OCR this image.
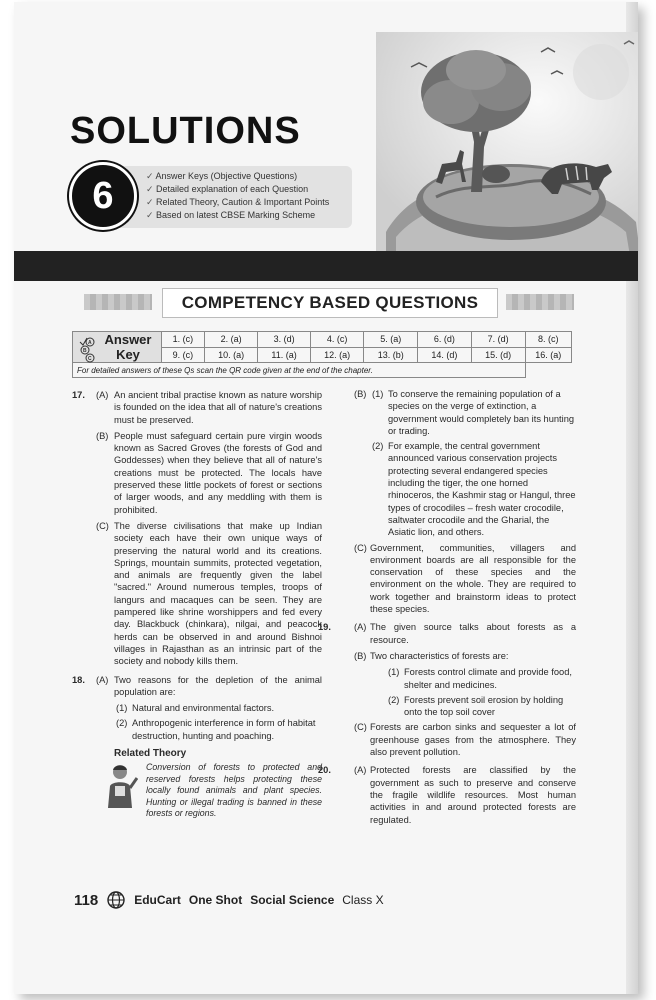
SOLUTIONS
✓ Answer Keys (Objective Questions)
✓ Detailed explanation of each Question
✓ Related Theory, Caution & Important Points
✓ Based on latest CBSE Marking Scheme
6
COMPETENCY BASED QUESTIONS
A
B
C
Answer
Key	1. (c)	2. (a)	3. (d)	4. (c)	5. (a)	6. (d)	7. (d)	8. (c)
	9. (c)	10. (a)	11. (a)	12. (a)	13. (b)	14. (d)	15. (d)	16. (a)
For detailed answers of these Qs scan the QR code given at the end of the chapter.								
17. (A) An ancient tribal practise known as nature worship is founded on the idea that all of nature's creations must be preserved.
(B) People must safeguard certain pure virgin woods known as Sacred Groves (the forests of God and Goddesses) when they believe that all of nature's creations must be protected. The locals have preserved these little pockets of forest or sections of larger woods, and any meddling with them is prohibited.
(C) The diverse civilisations that make up Indian society each have their own unique ways of preserving the natural world and its creations. Springs, mountain summits, protected vegetation, and animals are frequently given the label "sacred." Around numerous temples, troops of langurs and macaques can be seen. They are pampered like shrine worshippers and fed every day. Blackbuck (chinkara), nilgai, and peacock herds can be observed in and around Bishnoi villages in Rajasthan as an intrinsic part of the society and nobody kills them.
18. (A) Two reasons for the depletion of the animal population are:
(1) Natural and environmental factors.
(2) Anthropogenic interference in form of habitat destruction, hunting and poaching.
Related Theory
Conversion of forests to protected and reserved forests helps protecting these locally found animals and plant species. Hunting or illegal trading is banned in these forests or regions.
(B) (1) To conserve the remaining population of a species on the verge of extinction, a government would completely ban its hunting or trading.
(2) For example, the central government announced various conservation projects protecting several endangered species including the tiger, the one horned rhinoceros, the Kashmir stag or Hangul, three types of crocodiles – fresh water crocodile, saltwater crocodile and the Gharial, the Asiatic lion, and others.
(C) Government, communities, villagers and environment boards are all responsible for the conservation of these species and the environment on the whole. They are required to work together and brainstorm ideas to protect these species.
19. (A) The given source talks about forests as a resource.
(B) Two characteristics of forests are:
(1) Forests control climate and provide food, shelter and medicines.
(2) Forests prevent soil erosion by holding onto the top soil cover
(C) Forests are carbon sinks and sequester a lot of greenhouse gases from the atmosphere. They also prevent pollution.
20. (A) Protected forests are classified by the government as such to preserve and conserve the fragile wildlife resources. Most human activities in and around protected forests are regulated.
118	EduCart One Shot Social Science Class X
